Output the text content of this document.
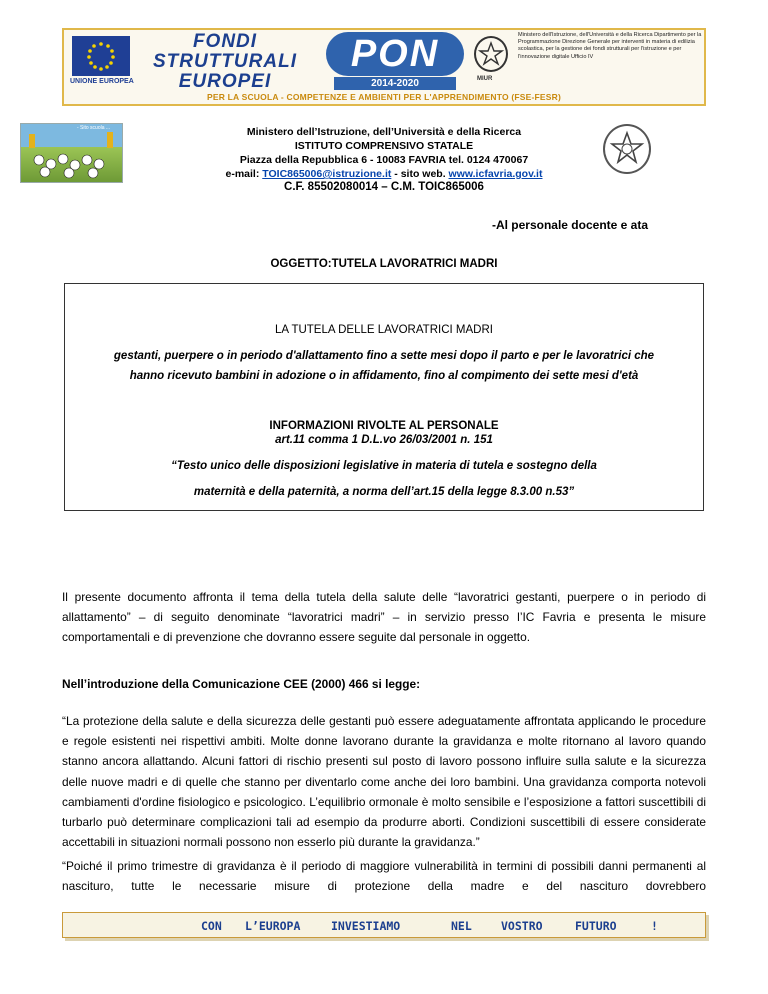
UNIONE EUROPEA
FONDI STRUTTURALI EUROPEI
PON
2014-2020	MIUR
Ministero dell'Istruzione, dell'Università e della Ricerca Dipartimento per la Programmazione Direzione Generale per interventi in materia di edilizia scolastica, per la gestione dei fondi strutturali per l'istruzione e per l'innovazione digitale Ufficio IV
PER LA SCUOLA - COMPETENZE E AMBIENTI PER L'APPRENDIMENTO (FSE-FESR)
- Sito scuola ...	Ministero dell’Istruzione, dell’Università e della Ricerca
ISTITUTO COMPRENSIVO STATALE
Piazza della Repubblica 6 - 10083 FAVRIA tel. 0124 470067
e-mail: TOIC865006@istruzione.it - sito web. www.icfavria.gov.it
C.F. 85502080014 – C.M. TOIC865006
-Al personale docente e ata
OGGETTO:TUTELA LAVORATRICI MADRI
LA TUTELA DELLE LAVORATRICI MADRI
gestanti, puerpere o in periodo d'allattamento fino a sette mesi dopo il parto e per le lavoratrici che
hanno ricevuto bambini in adozione o in affidamento, fino al compimento dei sette mesi d'età
INFORMAZIONI RIVOLTE AL PERSONALE
art.11 comma 1 D.L.vo 26/03/2001 n. 151
“Testo unico delle disposizioni legislative in materia di tutela e sostegno della
maternità e della paternità, a norma dell’art.15 della legge 8.3.00 n.53”
Il presente documento affronta il tema della tutela della salute delle “lavoratrici gestanti, puerpere o in periodo di allattamento” – di seguito denominate “lavoratrici madri” – in servizio presso l’IC Favria e presenta le misure comportamentali e di prevenzione che dovranno essere seguite dal personale in oggetto.
Nell’introduzione della Comunicazione CEE (2000) 466 si legge:
“La protezione della salute e della sicurezza delle gestanti può essere adeguatamente affrontata applicando le procedure e regole esistenti nei rispettivi ambiti. Molte donne lavorano durante la gravidanza e molte ritornano al lavoro quando stanno ancora allattando. Alcuni fattori di rischio presenti sul posto di lavoro possono influire sulla salute e la sicurezza delle nuove madri e di quelle che stanno per diventarlo come anche dei loro bambini. Una gravidanza comporta notevoli cambiamenti d'ordine fisiologico e psicologico. L’equilibrio ormonale è molto sensibile e l’esposizione a fattori suscettibili di turbarlo può determinare complicazioni tali ad esempio da produrre aborti. Condizioni suscettibili di essere considerate accettabili in situazioni normali possono non esserlo più durante la gravidanza.”
“Poiché il primo trimestre di gravidanza è il periodo di maggiore vulnerabilità in termini di possibili danni permanenti al nascituro, tutte le necessarie misure di protezione della madre e del nascituro dovrebbero
CON L’EUROPA	INVESTIAMO	NEL	VOSTRO	FUTURO	!
